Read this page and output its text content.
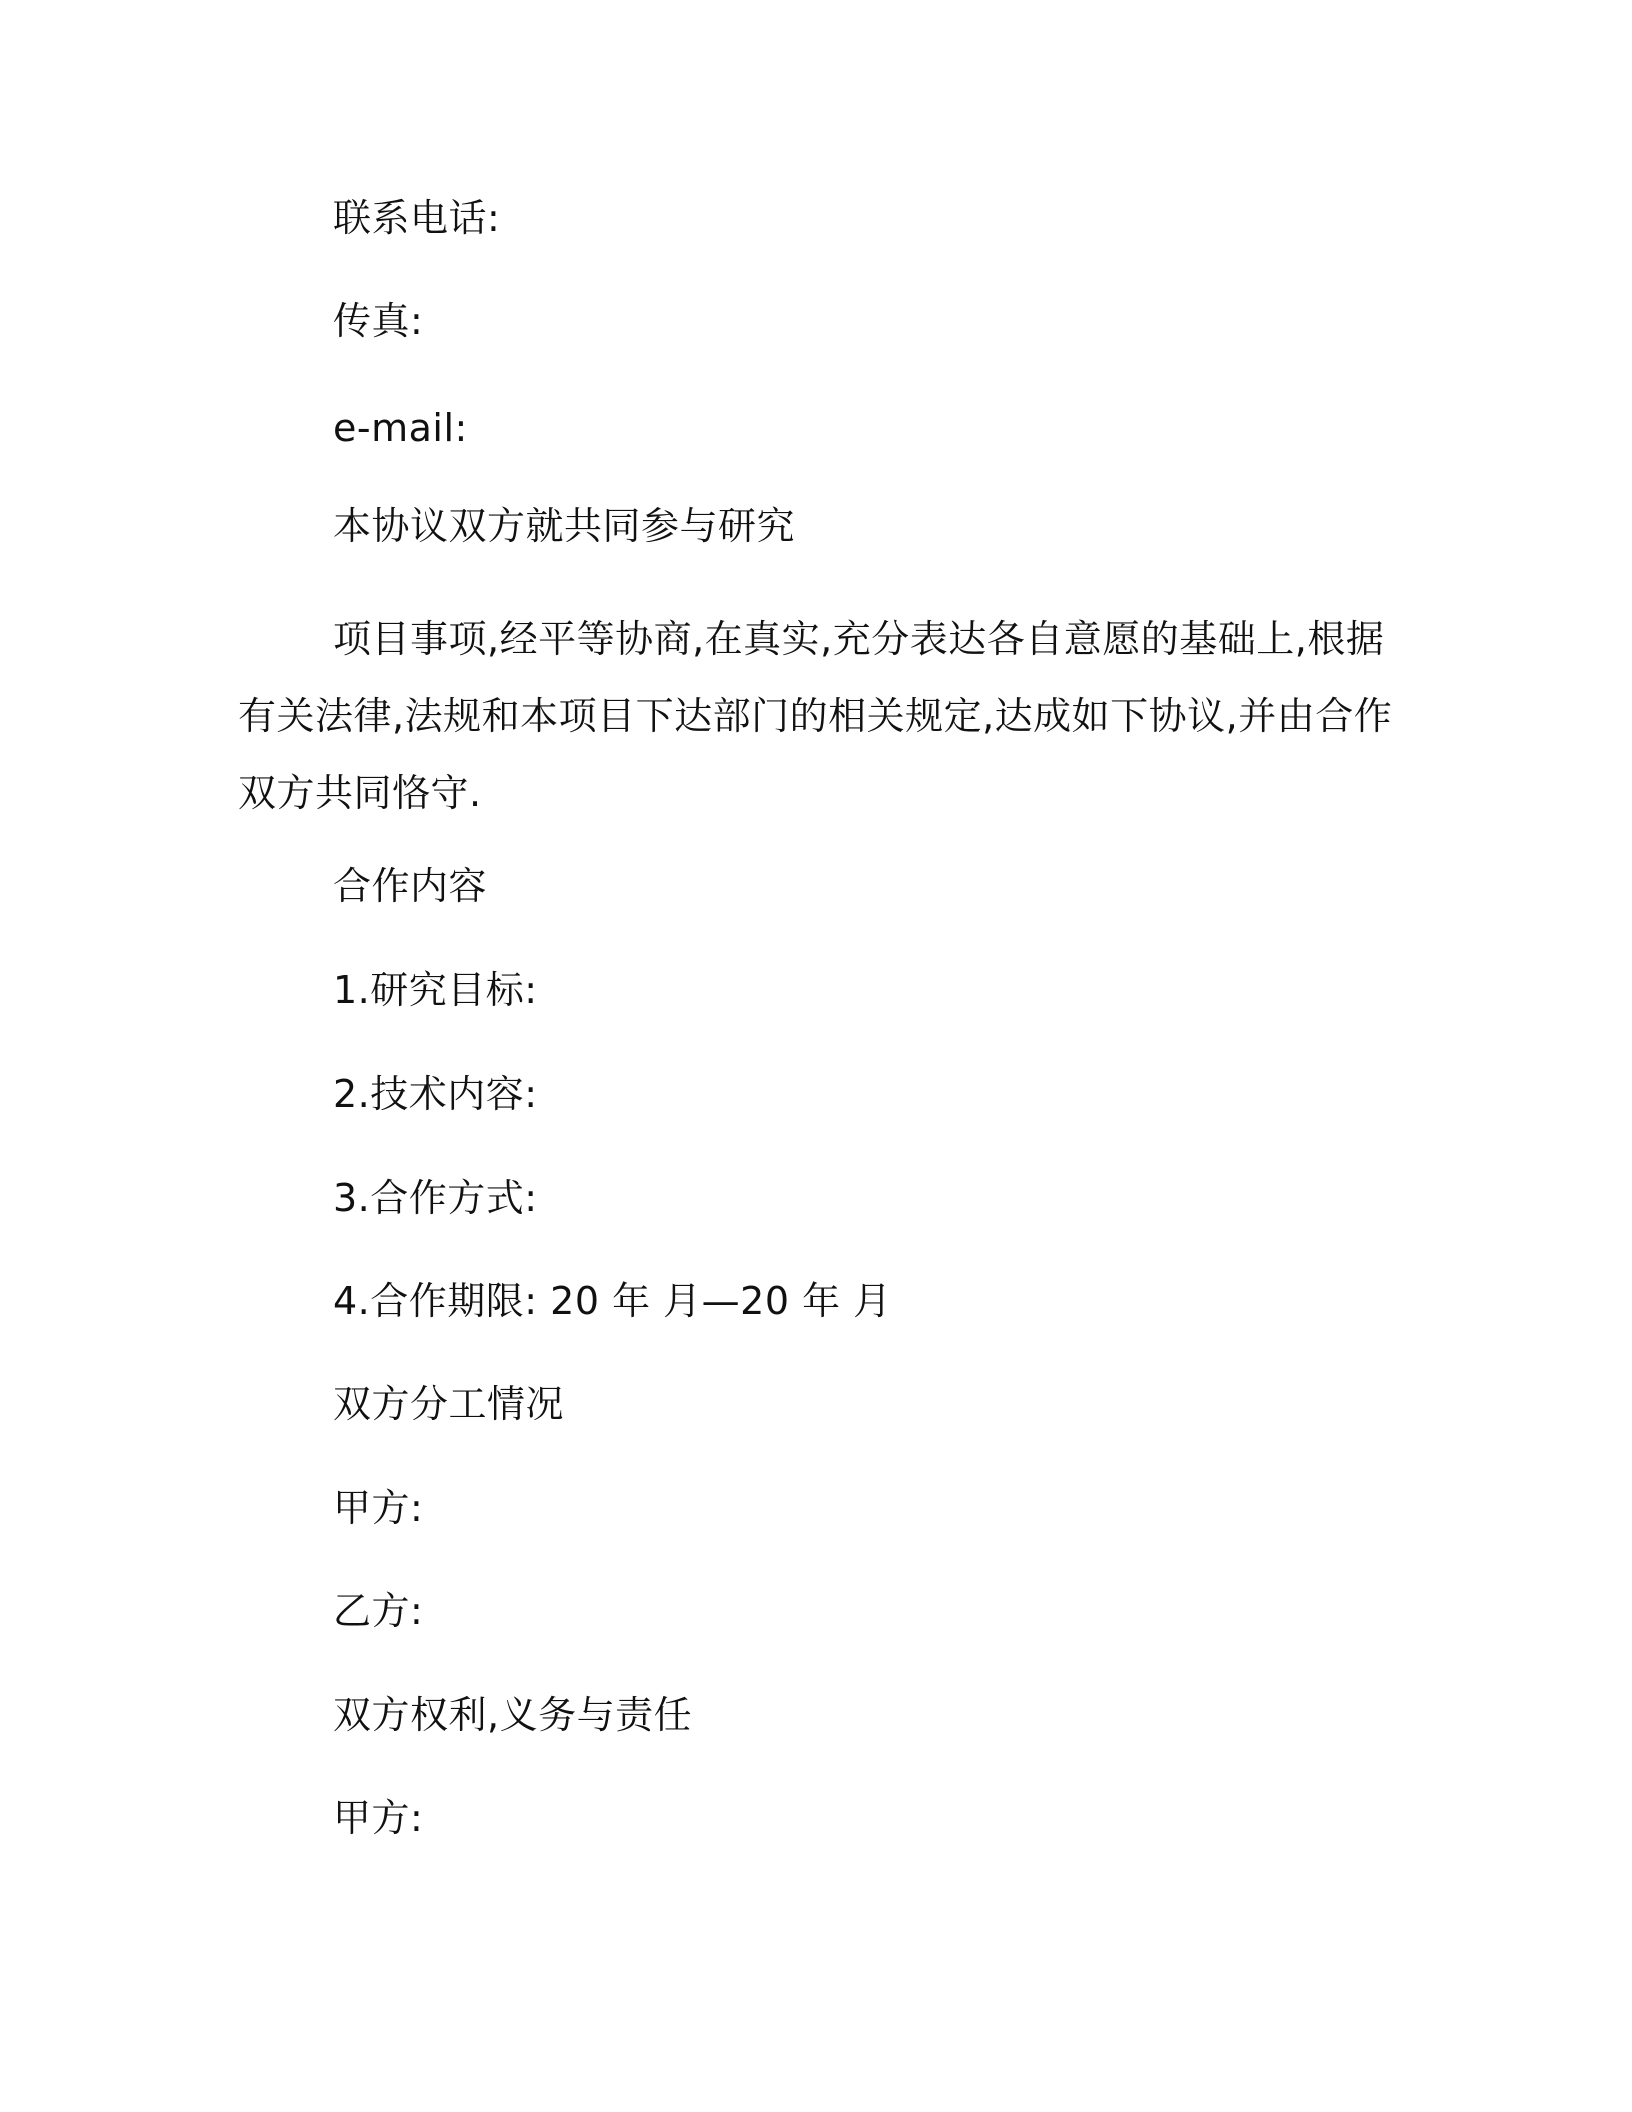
联系电话:
传真:
e-mail:
本协议双方就共同参与研究
项目事项,经平等协商,在真实,充分表达各自意愿的基础上,根据有关法律,法规和本项目下达部门的相关规定,达成如下协议,并由合作双方共同恪守.
合作内容
1.研究目标:
2.技术内容:
3.合作方式:
4.合作期限: 20 年 月—20 年 月
双方分工情况
甲方:
乙方:
双方权利,义务与责任
甲方:
